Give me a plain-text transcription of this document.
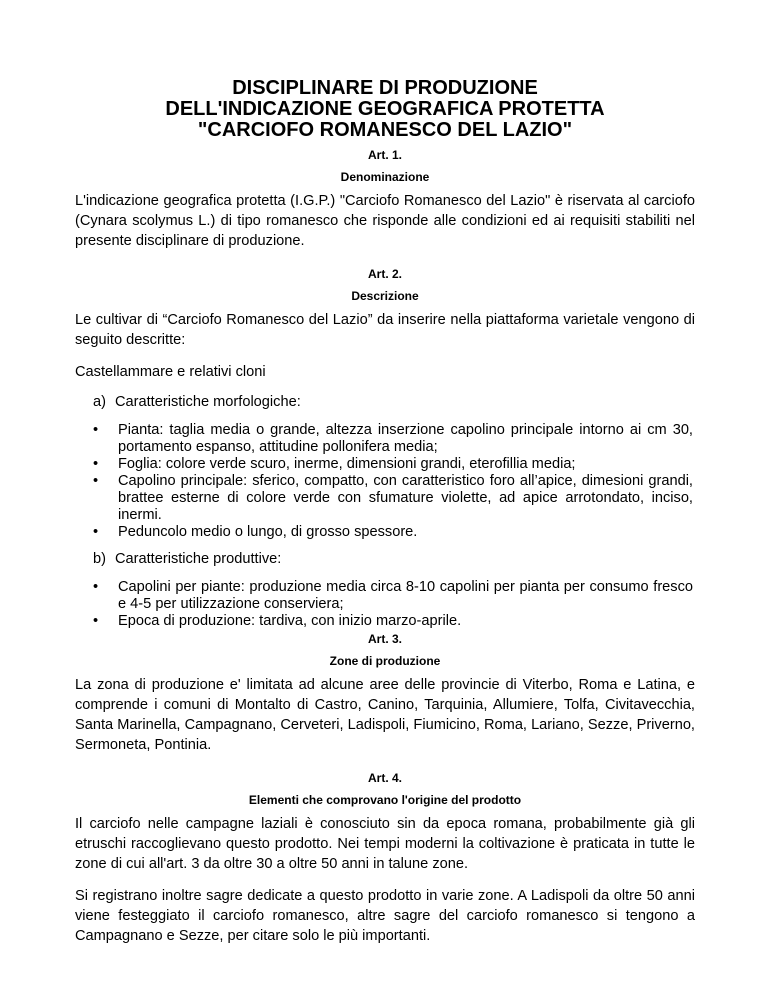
DISCIPLINARE DI PRODUZIONE
DELL'INDICAZIONE GEOGRAFICA PROTETTA
"CARCIOFO ROMANESCO DEL LAZIO"
Art. 1.
Denominazione

L'indicazione geografica protetta (I.G.P.) "Carciofo Romanesco del Lazio" è riservata al carciofo (Cynara scolymus L.) di tipo romanesco che risponde alle condizioni ed ai requisiti stabiliti nel presente disciplinare di produzione.

Art. 2.
Descrizione

Le cultivar di “Carciofo Romanesco del Lazio” da inserire nella piattaforma varietale vengono di seguito descritte:

Castellammare e relativi cloni

a) Caratteristiche morfologiche:
• Pianta: taglia media o grande, altezza inserzione capolino principale intorno ai cm 30, portamento espanso, attitudine pollonifera media;
• Foglia: colore verde scuro, inerme, dimensioni grandi, eterofillia media;
• Capolino principale: sferico, compatto, con caratteristico foro all’apice, dimesioni grandi, brattee esterne di colore verde con sfumature violette, ad apice arrotondato, inciso, inermi.
• Peduncolo medio o lungo, di grosso spessore.
b) Caratteristiche produttive:
• Capolini per piante: produzione media circa 8-10 capolini per pianta per consumo fresco e 4-5 per utilizzazione conserviera;
• Epoca di produzione: tardiva, con inizio marzo-aprile.
Art. 3.
Zone di produzione

La zona di produzione e' limitata ad alcune aree delle provincie di Viterbo, Roma e Latina, e comprende i comuni di Montalto di Castro, Canino, Tarquinia, Allumiere, Tolfa, Civitavecchia, Santa Marinella, Campagnano, Cerveteri, Ladispoli, Fiumicino, Roma, Lariano, Sezze, Priverno, Sermoneta, Pontinia.

Art. 4.
Elementi che comprovano l'origine del prodotto

Il carciofo nelle campagne laziali è conosciuto sin da epoca romana, probabilmente già gli etruschi raccoglievano questo prodotto. Nei tempi moderni la coltivazione è praticata in tutte le zone di cui all'art. 3 da oltre 30 a oltre 50 anni in talune zone.

Si registrano inoltre sagre dedicate a questo prodotto in varie zone. A Ladispoli da oltre 50 anni viene festeggiato il carciofo romanesco, altre sagre del carciofo romanesco si tengono a Campagnano e Sezze, per citare solo le più importanti.
